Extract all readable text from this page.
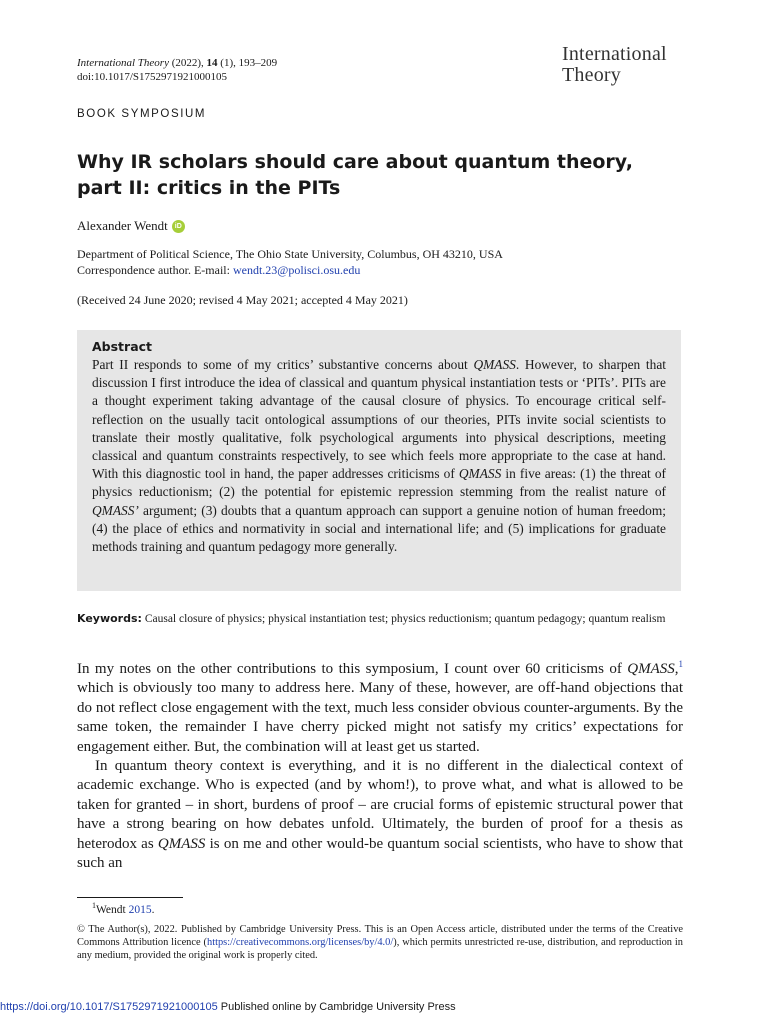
International Theory (2022), 14 (1), 193–209
doi:10.1017/S1752971921000105
International
Theory
BOOK SYMPOSIUM
Why IR scholars should care about quantum theory,
part II: critics in the PITs
Alexander Wendt	iD
Department of Political Science, The Ohio State University, Columbus, OH 43210, USA
Correspondence author. E-mail: wendt.23@polisci.osu.edu
(Received 24 June 2020; revised 4 May 2021; accepted 4 May 2021)
Abstract
Part II responds to some of my critics’ substantive concerns about QMASS. However, to sharpen that discussion I first introduce the idea of classical and quantum physical instantiation tests or ‘PITs’. PITs are a thought experiment taking advantage of the causal closure of physics. To encourage critical self-reflection on the usually tacit ontological assumptions of our theories, PITs invite social scientists to translate their mostly qualitative, folk psychological arguments into physical descriptions, meeting classical and quantum constraints respectively, to see which feels more appropriate to the case at hand. With this diagnostic tool in hand, the paper addresses criticisms of QMASS in five areas: (1) the threat of physics reductionism; (2) the potential for epistemic repression stemming from the realist nature of QMASS’ argument; (3) doubts that a quantum approach can support a genuine notion of human freedom; (4) the place of ethics and normativity in social and international life; and (5) implications for graduate methods training and quantum pedagogy more generally.
Keywords: Causal closure of physics; physical instantiation test; physics reductionism; quantum pedagogy; quantum realism

In my notes on the other contributions to this symposium, I count over 60 criticisms of QMASS,$^1$ which is obviously too many to address here. Many of these, however, are off-hand objections that do not reflect close engagement with the text, much less consider obvious counter-arguments. By the same token, the remainder I have cherry picked might not satisfy my critics’ expectations for engagement either. But, the combination will at least get us started.

In quantum theory context is everything, and it is no different in the dialectical context of academic exchange. Who is expected (and by whom!), to prove what, and what is allowed to be taken for granted – in short, burdens of proof – are crucial forms of epistemic structural power that have a strong bearing on how debates unfold. Ultimately, the burden of proof for a thesis as heterodox as QMASS is on me and other would-be quantum social scientists, who have to show that such an

$^1$Wendt 2015.
© The Author(s), 2022. Published by Cambridge University Press. This is an Open Access article, distributed under the terms of the Creative Commons Attribution licence (https://creativecommons.org/licenses/by/4.0/), which permits unrestricted re-use, distribution, and reproduction in any medium, provided the original work is properly cited.
https://doi.org/10.1017/S1752971921000105 Published online by Cambridge University Press
